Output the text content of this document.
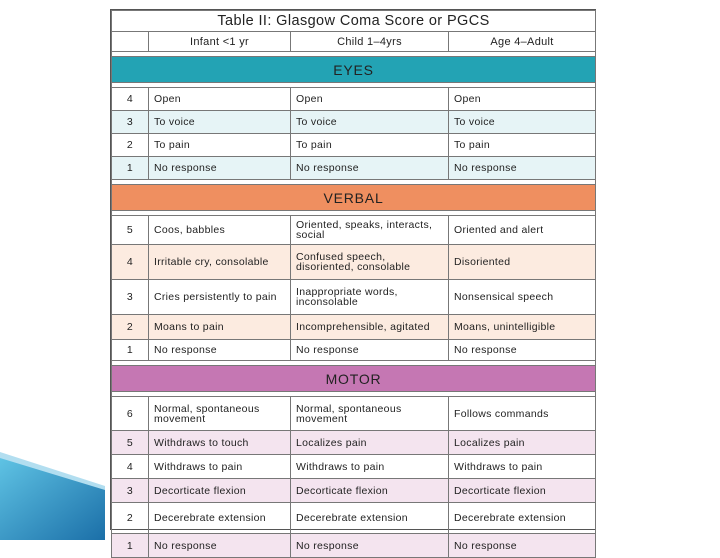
Table II: Glasgow Coma Score or PGCS			
	Infant <1 yr	Child 1–4yrs	Age 4–Adult

EYES			

4	Open	Open	Open
3	To voice	To voice	To voice
2	To pain	To pain	To pain
1	No response	No response	No response

VERBAL			

5	Coos, babbles	Oriented, speaks, interacts, social	Oriented and alert
4	Irritable cry, consolable	Confused speech, disoriented, consolable	Disoriented
3	Cries persistently to pain	Inappropriate words, inconsolable	Nonsensical speech
2	Moans to pain	Incomprehensible, agitated	Moans, unintelligible
1	No response	No response	No response

MOTOR			

6	Normal, spontaneous movement	Normal, spontaneous movement	Follows commands
5	Withdraws to touch	Localizes pain	Localizes pain
4	Withdraws to pain	Withdraws to pain	Withdraws to pain
3	Decorticate flexion	Decorticate flexion	Decorticate flexion
2	Decerebrate extension	Decerebrate extension	Decerebrate extension
1	No response	No response	No response
